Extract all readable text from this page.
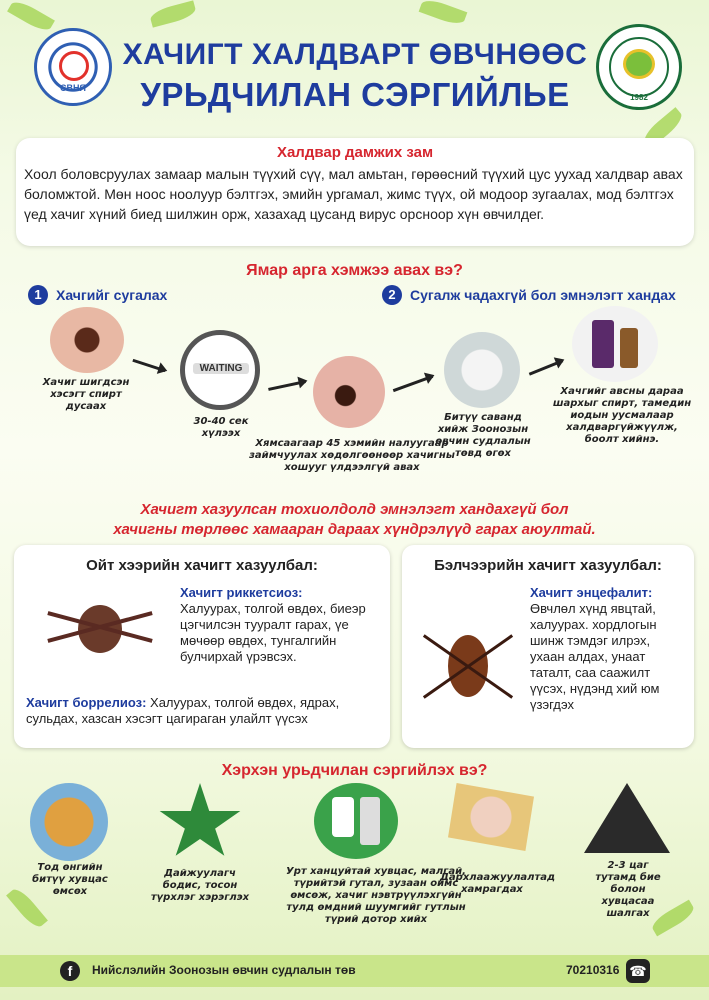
СВНЯ
1982
ХАЧИГТ ХАЛДВАРТ ӨВЧНӨӨС
УРЬДЧИЛАН СЭРГИЙЛЬЕ
Халдвар дамжих зам

Хоол боловсруулах замаар малын түүхий сүү, мал амьтан, гөрөөсний түүхий цус уухад халдвар авах боломжтой. Мөн ноос ноолуур бэлтгэх, эмийн ургамал, жимс түүх, ой модоор зугаалах, мод бэлтгэх үед хачиг хүний биед шилжин орж, хазахад цусанд вирус орсноор хүн өвчилдег.

Ямар арга хэмжээ авах вэ?
1	Хачгийг сугалах	2	Сугалж чадахгүй бол эмнэлэгт хандах
Хачиг шигдсэн хэсэгт спирт дусаах
WAITING
30-40 сек хүлээх
Хямсаагаар 45 хэмийн налуугаар займчуулах хөдөлгөөнөөр хачигны хошууг үлдээлгүй авах
Битүү саванд хийж Зоонозын өвчин судлалын төвд өгөх
Хачгийг авсны дараа шархыг спирт, тамедин иодын уусмалаар халдваргүйжүүлж, боолт хийнэ.
Хачигт хазуулсан тохиолдолд эмнэлэгт хандахгүй бол
хачигны төрлөөс хамааран дараах хүндрэлүүд гарах аюултай.
Ойт хээрийн хачигт хазуулбал:
Хачигт риккетсиоз:
Халуурах, толгой өвдөх, биеэр цэгчилсэн тууралт гарах, үе мөчөөр өвдөх, тунгалгийн булчирхай үрэвсэх.
Хачигт боррелиоз: Халуурах, толгой өвдөх, ядрах, сульдах, хазсан хэсэгт цагираган улайлт үүсэх
Бэлчээрийн хачигт хазуулбал:
Хачигт энцефалит:
Өвчлөл хүнд явцтай, халуурах. хордлогын шинж тэмдэг илрэх, ухаан алдах, унаат таталт, саа саажилт үүсэх, нүдэнд хий юм үзэгдэх
Хэрхэн урьдчилан сэргийлэх вэ?
Тод өнгийн битүү хувцас өмсөх
Дайжуулагч бодис, тосон түрхлэг хэрэглэх
Урт ханцуйтай хувцас, малгай, түрийтэй гутал, зузаан оймс өмсөж, хачиг нэвтрүүлэхгүйн тулд өмдний шуумгийг гутлын түрий дотор хийх
Дархлаажуулалтад хамрагдах
2-3 цаг тутамд бие болон хувцасаа шалгах
f	Нийслэлийн Зоонозын өвчин судлалын төв	70210316 ☎
